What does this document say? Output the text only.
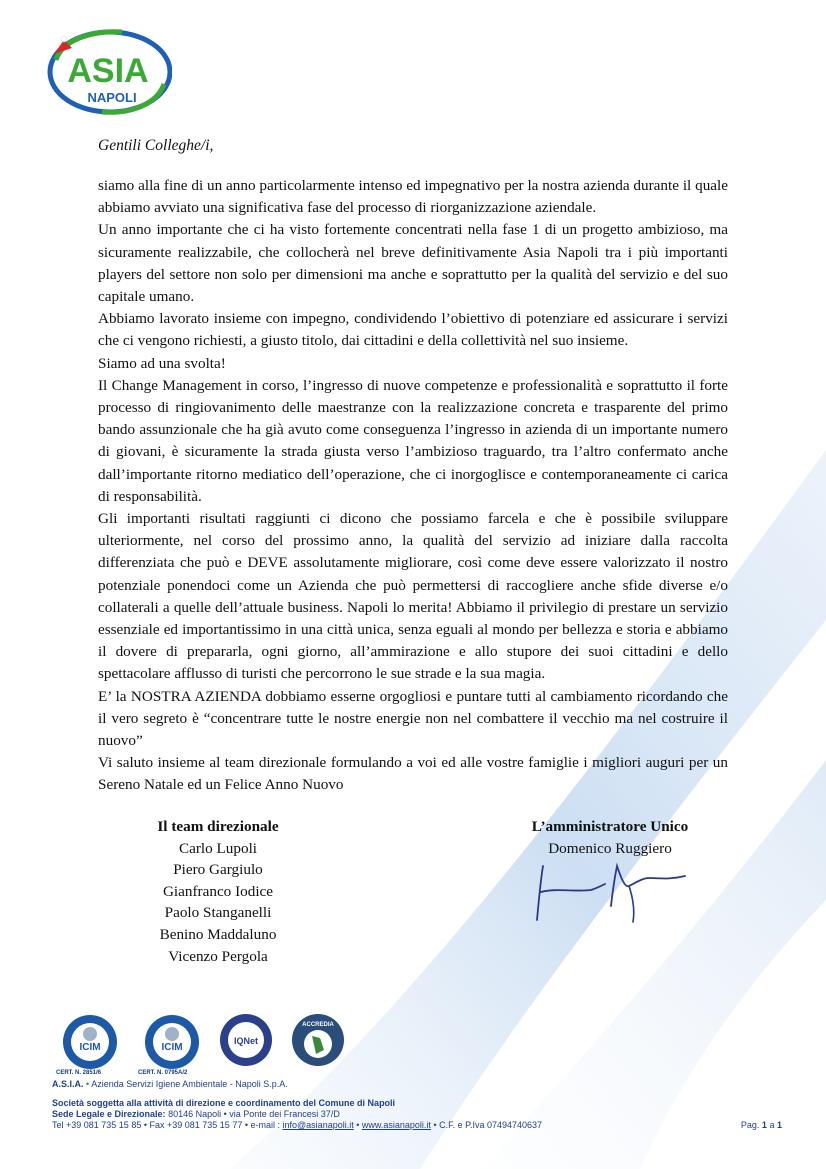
ASIA
NAPOLI
Gentili Colleghe/i,

siamo alla fine di un anno particolarmente intenso ed impegnativo per la nostra azienda durante il quale abbiamo avviato una significativa fase del processo di riorganizzazione aziendale.

Un anno importante che ci ha visto fortemente concentrati nella fase 1 di un progetto ambizioso, ma sicuramente realizzabile, che collocherà nel breve definitivamente Asia Napoli tra i più importanti players del settore non solo per dimensioni ma anche e soprattutto per la qualità del servizio e del suo capitale umano.

Abbiamo lavorato insieme con impegno, condividendo l’obiettivo di potenziare ed assicurare i servizi che ci vengono richiesti, a giusto titolo, dai cittadini e della collettività nel suo insieme.

Siamo ad una svolta!

Il Change Management in corso, l’ingresso di nuove competenze e professionalità e soprattutto il forte processo di ringiovanimento delle maestranze con la realizzazione concreta e trasparente del primo bando assunzionale che ha già avuto come conseguenza l’ingresso in azienda di un importante numero di giovani, è sicuramente la strada giusta verso l’ambizioso traguardo, tra l’altro confermato anche dall’importante ritorno mediatico dell’operazione, che ci inorgoglisce e contemporaneamente ci carica di responsabilità.

Gli importanti risultati raggiunti ci dicono che possiamo farcela e che è possibile sviluppare ulteriormente, nel corso del prossimo anno, la qualità del servizio ad iniziare dalla raccolta differenziata che può e DEVE assolutamente migliorare, così come deve essere valorizzato il nostro potenziale ponendoci come un Azienda che può permettersi di raccogliere anche sfide diverse e/o collaterali a quelle dell’attuale business. Napoli lo merita! Abbiamo il privilegio di prestare un servizio essenziale ed importantissimo in una città unica, senza eguali al mondo per bellezza e storia e abbiamo il dovere di prepararla, ogni giorno, all’ammirazione e allo stupore dei suoi cittadini e dello spettacolare afflusso di turisti che percorrono le sue strade e la sua magia.

E’ la NOSTRA AZIENDA dobbiamo esserne orgogliosi e puntare tutti al cambiamento ricordando che il vero segreto è “concentrare tutte le nostre energie non nel combattere il vecchio ma nel costruire il nuovo”

Vi saluto insieme al team direzionale formulando a voi ed alle vostre famiglie i migliori auguri per un Sereno Natale ed un Felice Anno Nuovo

Il team direzionale
Carlo Lupoli
Piero Gargiulo
Gianfranco Iodice
Paolo Stanganelli
Benino Maddaluno
Vicenzo Pergola
L’amministratore Unico
Domenico Ruggiero
ICIM	ICIM
IQNet
ACCREDIA
CERT. N. 2851/6	CERT. N. 0795A/2
A.S.I.A. • Azienda Servizi Igiene Ambientale - Napoli S.p.A.
Società soggetta alla attività di direzione e coordinamento del Comune di Napoli
Sede Legale e Direzionale: 80146 Napoli • via Ponte dei Francesi 37/D
Tel +39 081 735 15 85 • Fax +39 081 735 15 77 • e-mail : info@asianapoli.it • www.asianapoli.it • C.F. e P.Iva 07494740637	Pag. 1 a 1
